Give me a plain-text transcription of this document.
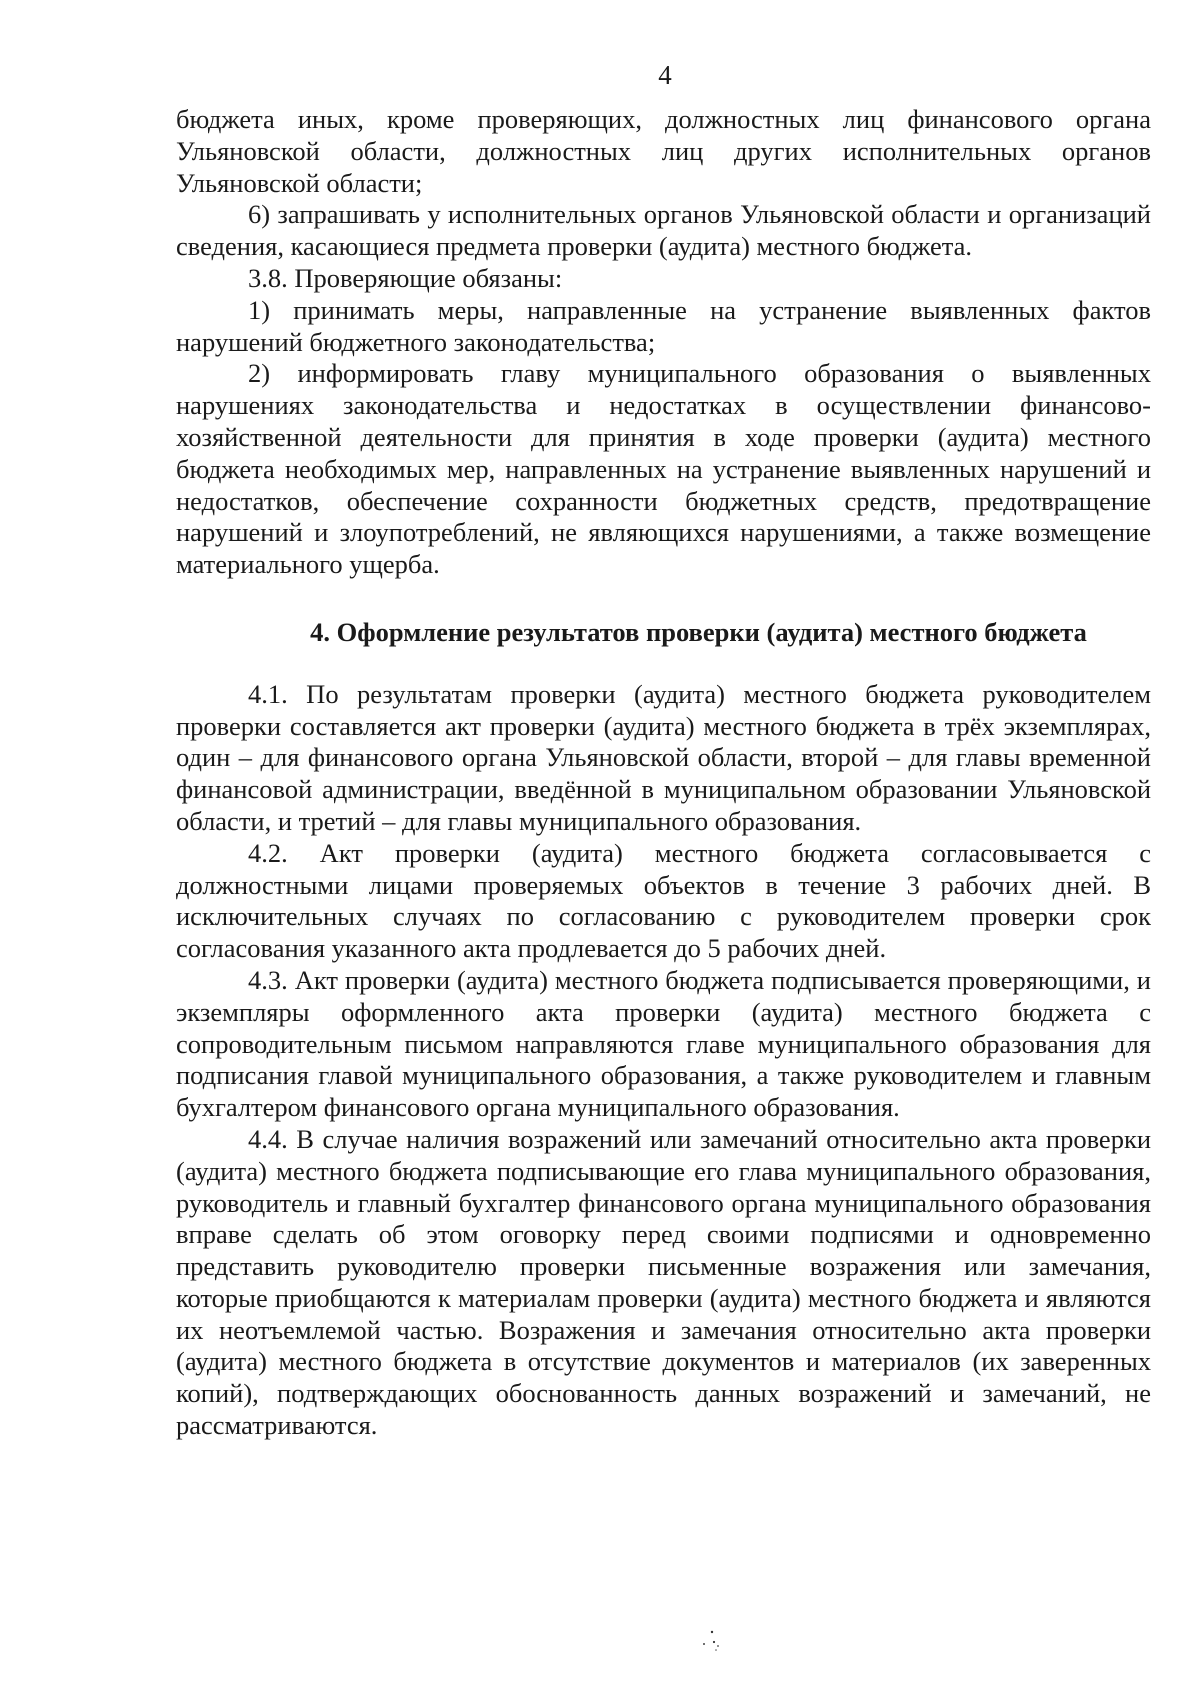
4

бюджета иных, кроме проверяющих, должностных лиц финансового органа Ульяновской области, должностных лиц других исполнительных органов Ульяновской области;

6) запрашивать у исполнительных органов Ульяновской области и организаций сведения, касающиеся предмета проверки (аудита) местного бюджета.

3.8. Проверяющие обязаны:

1) принимать меры, направленные на устранение выявленных фактов нарушений бюджетного законодательства;

2) информировать главу муниципального образования о выявленных нарушениях законодательства и недостатках в осуществлении финансово-хозяйственной деятельности для принятия в ходе проверки (аудита) местного бюджета необходимых мер, направленных на устранение выявленных нарушений и недостатков, обеспечение сохранности бюджетных средств, предотвращение нарушений и злоупотреблений, не являющихся нарушениями, а также возмещение материального ущерба.

4. Оформление результатов проверки (аудита) местного бюджета

4.1. По результатам проверки (аудита) местного бюджета руководителем проверки составляется акт проверки (аудита) местного бюджета в трёх экземплярах, один – для финансового органа Ульяновской области, второй – для главы временной финансовой администрации, введённой в муниципальном образовании Ульяновской области, и третий – для главы муниципального образования.

4.2. Акт проверки (аудита) местного бюджета согласовывается с должностными лицами проверяемых объектов в течение 3 рабочих дней. В исключительных случаях по согласованию с руководителем проверки срок согласования указанного акта продлевается до 5 рабочих дней.

4.3. Акт проверки (аудита) местного бюджета подписывается проверяющими, и экземпляры оформленного акта проверки (аудита) местного бюджета с сопроводительным письмом направляются главе муниципального образования для подписания главой муниципального образования, а также руководителем и главным бухгалтером финансового органа муниципального образования.

4.4. В случае наличия возражений или замечаний относительно акта проверки (аудита) местного бюджета подписывающие его глава муниципального образования, руководитель и главный бухгалтер финансового органа муниципального образования вправе сделать об этом оговорку перед своими подписями и одновременно представить руководителю проверки письменные возражения или замечания, которые приобщаются к материалам проверки (аудита) местного бюджета и являются их неотъемлемой частью. Возражения и замечания относительно акта проверки (аудита) местного бюджета в отсутствие документов и материалов (их заверенных копий), подтверждающих обоснованность данных возражений и замечаний, не рассматриваются.
